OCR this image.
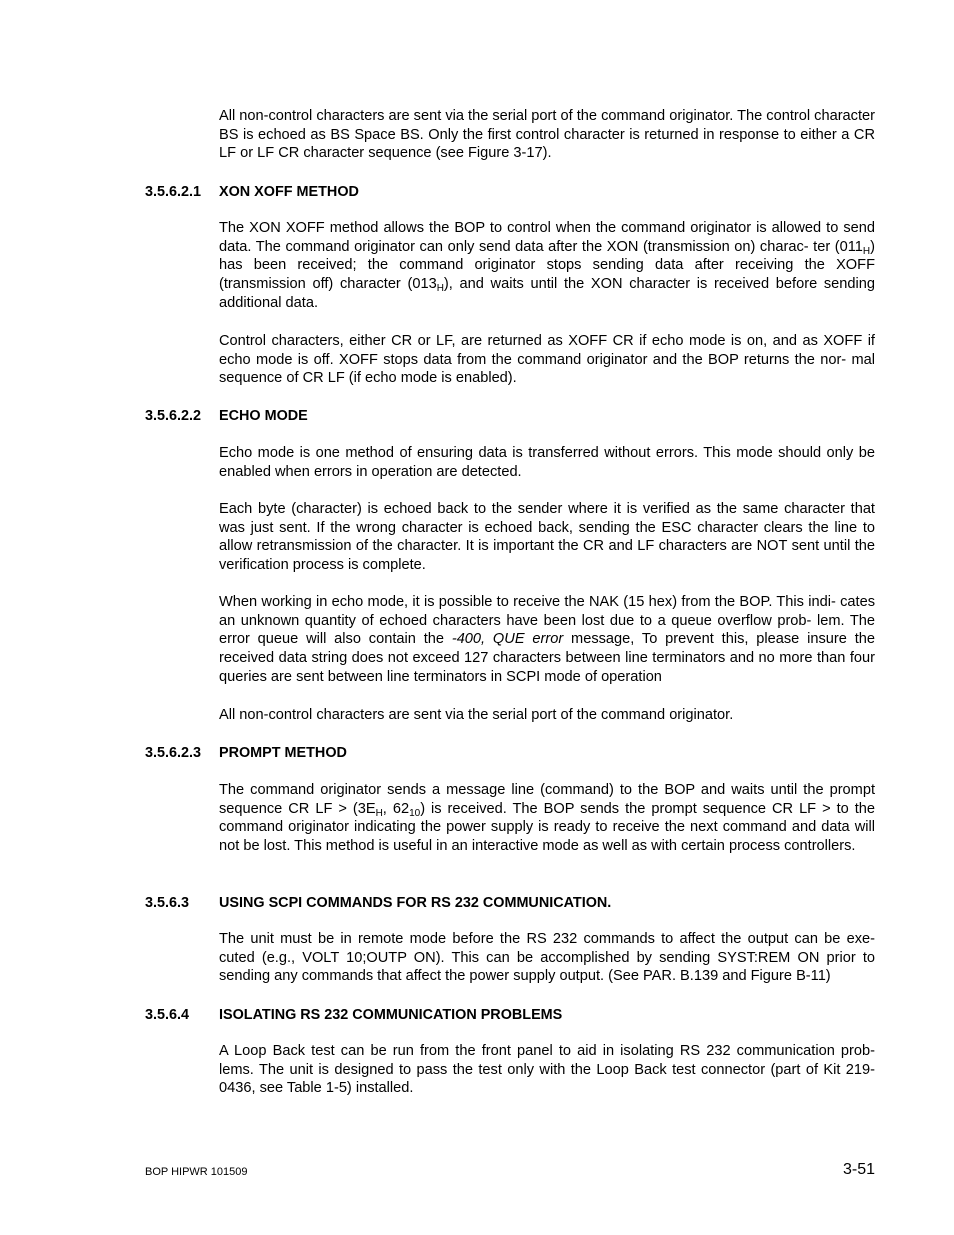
All non-control characters are sent via the serial port of the command originator. The control character BS is echoed as BS Space BS. Only the first control character is returned in response to either a CR LF or LF CR character sequence (see Figure 3-17).

3.5.6.2.1 XON XOFF METHOD

The XON XOFF method allows the BOP to control when the command originator is allowed to send data. The command originator can only send data after the XON (transmission on) charac- ter $(011_H)$ has been received; the command originator stops sending data after receiving the XOFF (transmission off) character $(013_H)$, and waits until the XON character is received before sending additional data.

Control characters, either CR or LF, are returned as XOFF CR if echo mode is on, and as XOFF if echo mode is off. XOFF stops data from the command originator and the BOP returns the nor- mal sequence of CR LF (if echo mode is enabled).

3.5.6.2.2 ECHO MODE

Echo mode is one method of ensuring data is transferred without errors. This mode should only be enabled when errors in operation are detected.

Each byte (character) is echoed back to the sender where it is verified as the same character that was just sent. If the wrong character is echoed back, sending the ESC character clears the line to allow retransmission of the character. It is important the CR and LF characters are NOT sent until the verification process is complete.

When working in echo mode, it is possible to receive the NAK (15 hex) from the BOP. This indi- cates an unknown quantity of echoed characters have been lost due to a queue overflow prob- lem. The error queue will also contain the -400, QUE error message, To prevent this, please insure the received data string does not exceed 127 characters between line terminators and no more than four queries are sent between line terminators in SCPI mode of operation

All non-control characters are sent via the serial port of the command originator.

3.5.6.2.3 PROMPT METHOD

The command originator sends a message line (command) to the BOP and waits until the prompt sequence CR LF > ($3E_H$, $62_{10}$) is received. The BOP sends the prompt sequence CR LF > to the command originator indicating the power supply is ready to receive the next command and data will not be lost. This method is useful in an interactive mode as well as with certain process controllers.

3.5.6.3 USING SCPI COMMANDS FOR RS 232 COMMUNICATION.

The unit must be in remote mode before the RS 232 commands to affect the output can be exe- cuted (e.g., VOLT 10;OUTP ON). This can be accomplished by sending SYST:REM ON prior to sending any commands that affect the power supply output. (See PAR. B.139 and Figure B-11)

3.5.6.4 ISOLATING RS 232 COMMUNICATION PROBLEMS

A Loop Back test can be run from the front panel to aid in isolating RS 232 communication prob- lems. The unit is designed to pass the test only with the Loop Back test connector (part of Kit 219-0436, see Table 1-5) installed.

BOP HIPWR 101509	3-51
